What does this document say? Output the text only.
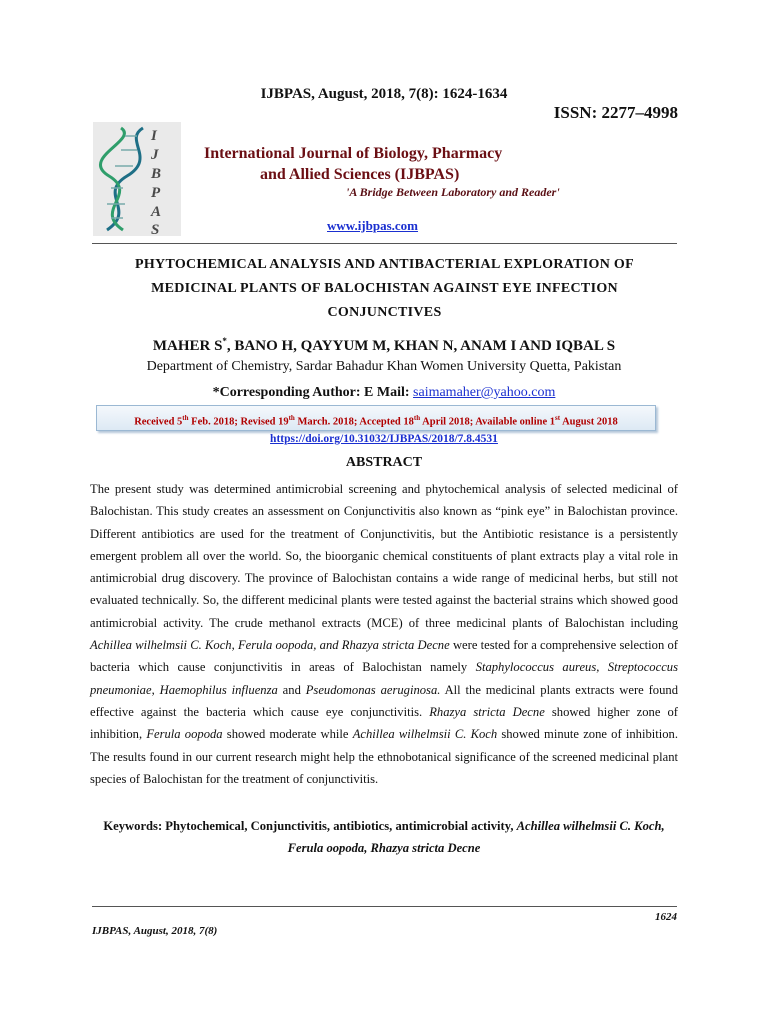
IJBPAS, August, 2018, 7(8): 1624-1634
ISSN: 2277–4998
I
J
B
P
A
S
International Journal of Biology, Pharmacy
and Allied Sciences (IJBPAS)
'A Bridge Between Laboratory and Reader'
www.ijbpas.com
PHYTOCHEMICAL ANALYSIS AND ANTIBACTERIAL EXPLORATION OF
MEDICINAL PLANTS OF BALOCHISTAN AGAINST EYE INFECTION
CONJUNCTIVES
MAHER S*, BANO H, QAYYUM M, KHAN N, ANAM I AND IQBAL S
Department of Chemistry, Sardar Bahadur Khan Women University Quetta, Pakistan
*Corresponding Author: E Mail: saimamaher@yahoo.com
Received 5th Feb. 2018; Revised 19th March. 2018; Accepted 18th April 2018; Available online 1st August 2018
https://doi.org/10.31032/IJBPAS/2018/7.8.4531
ABSTRACT
The present study was determined antimicrobial screening and phytochemical analysis of selected medicinal of Balochistan. This study creates an assessment on Conjunctivitis also known as “pink eye” in Balochistan province. Different antibiotics are used for the treatment of Conjunctivitis, but the Antibiotic resistance is a persistently emergent problem all over the world. So, the bioorganic chemical constituents of plant extracts play a vital role in antimicrobial drug discovery. The province of Balochistan contains a wide range of medicinal herbs, but still not evaluated technically. So, the different medicinal plants were tested against the bacterial strains which showed good antimicrobial activity. The crude methanol extracts (MCE) of three medicinal plants of Balochistan including Achillea wilhelmsii C. Koch, Ferula oopoda, and Rhazya stricta Decne were tested for a comprehensive selection of bacteria which cause conjunctivitis in areas of Balochistan namely Staphylococcus aureus, Streptococcus pneumoniae, Haemophilus influenza and Pseudomonas aeruginosa. All the medicinal plants extracts were found effective against the bacteria which cause eye conjunctivitis. Rhazya stricta Decne showed higher zone of inhibition, Ferula oopoda showed moderate while Achillea wilhelmsii C. Koch showed minute zone of inhibition. The results found in our current research might help the ethnobotanical significance of the screened medicinal plant species of Balochistan for the treatment of conjunctivitis.
Keywords: Phytochemical, Conjunctivitis, antibiotics, antimicrobial activity, Achillea wilhelmsii C. Koch, Ferula oopoda, Rhazya stricta Decne
1624
IJBPAS, August, 2018, 7(8)
